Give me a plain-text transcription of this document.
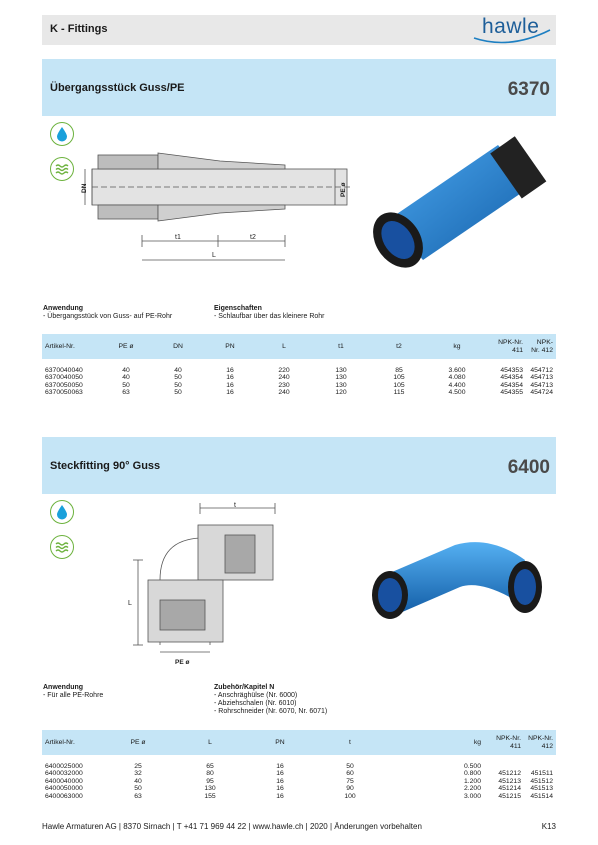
K - Fittings	hawle
Übergangsstück Guss/PE	6370
DN	PE ø
t1	t2
L
Anwendung
- Übergangsstück von Guss- auf PE-Rohr
Eigenschaften
- Schlaufbar über das kleinere Rohr
Artikel-Nr.	PE ø	DN	PN	L	t1	t2	kg	NPK-Nr. 411	NPK-Nr. 412

6370040040	40	40	16	220	130	85	3.600	454353	454712
6370040050	40	50	16	240	130	105	4.080	454354	454713
6370050050	50	50	16	230	130	105	4.400	454354	454713
6370050063	63	50	16	240	120	115	4.500	454355	454724
Steckfitting 90° Guss	6400
t
L
PE ø
Anwendung
- Für alle PE-Rohre
Zubehör/Kapitel N
- Anschräghülse (Nr. 6000)
- Abziehschalen (Nr. 6010)
- Rohrschneider (Nr. 6070, Nr. 6071)
Artikel-Nr.	PE ø	L	PN	t	kg	NPK-Nr. 411	NPK-Nr. 412

6400025000	25	65	16	50	0.500		
6400032000	32	80	16	60	0.800	451212	451511
6400040000	40	95	16	75	1.200	451213	451512
6400050000	50	130	16	90	2.200	451214	451513
6400063000	63	155	16	100	3.000	451215	451514
Hawle Armaturen AG | 8370 Sirnach | T +41 71 969 44 22 | www.hawle.ch | 2020 | Änderungen vorbehalten	K13
